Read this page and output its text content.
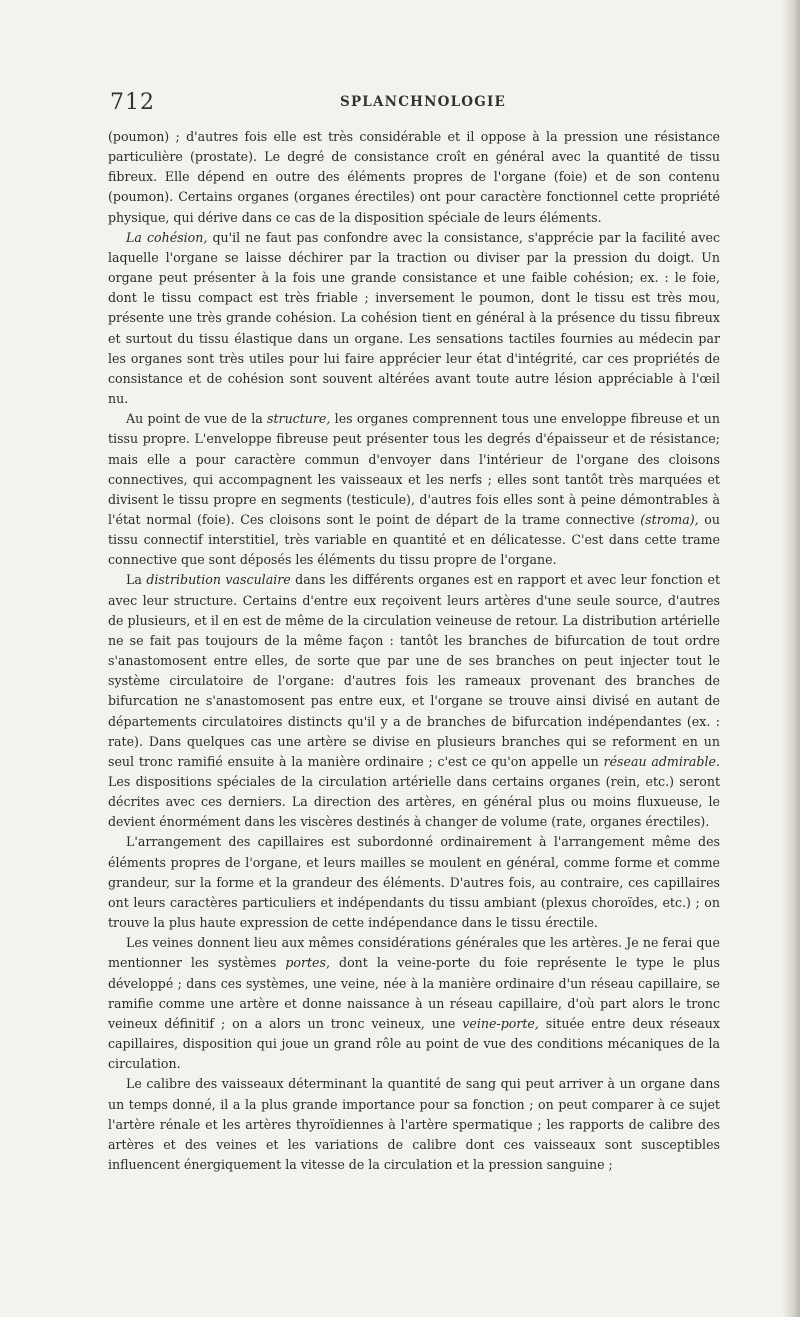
712	SPLANCHNOLOGIE

(poumon) ; d'autres fois elle est très considérable et il oppose à la pression une résistance particulière (prostate). Le degré de consistance croît en général avec la quantité de tissu fibreux. Elle dépend en outre des éléments propres de l'organe (foie) et de son contenu (poumon). Certains organes (organes érectiles) ont pour caractère fonctionnel cette propriété physique, qui dérive dans ce cas de la disposition spéciale de leurs éléments.

La cohésion, qu'il ne faut pas confondre avec la consistance, s'apprécie par la facilité avec laquelle l'organe se laisse déchirer par la traction ou diviser par la pression du doigt. Un organe peut présenter à la fois une grande consistance et une faible cohésion; ex. : le foie, dont le tissu compact est très friable ; inversement le poumon, dont le tissu est très mou, présente une très grande cohésion. La cohésion tient en général à la présence du tissu fibreux et surtout du tissu élastique dans un organe. Les sensations tactiles fournies au médecin par les organes sont très utiles pour lui faire apprécier leur état d'intégrité, car ces propriétés de consistance et de cohésion sont souvent altérées avant toute autre lésion appréciable à l'œil nu.

Au point de vue de la structure, les organes comprennent tous une enveloppe fibreuse et un tissu propre. L'enveloppe fibreuse peut présenter tous les degrés d'épaisseur et de résistance; mais elle a pour caractère commun d'envoyer dans l'intérieur de l'organe des cloisons connectives, qui accompagnent les vaisseaux et les nerfs ; elles sont tantôt très marquées et divisent le tissu propre en segments (testicule), d'autres fois elles sont à peine démontrables à l'état normal (foie). Ces cloisons sont le point de départ de la trame connective (stroma), ou tissu connectif interstitiel, très variable en quantité et en délicatesse. C'est dans cette trame connective que sont déposés les éléments du tissu propre de l'organe.

La distribution vasculaire dans les différents organes est en rapport et avec leur fonction et avec leur structure. Certains d'entre eux reçoivent leurs artères d'une seule source, d'autres de plusieurs, et il en est de même de la circulation veineuse de retour. La distribution artérielle ne se fait pas toujours de la même façon : tantôt les branches de bifurcation de tout ordre s'anastomosent entre elles, de sorte que par une de ses branches on peut injecter tout le système circulatoire de l'organe: d'autres fois les rameaux provenant des branches de bifurcation ne s'anastomosent pas entre eux, et l'organe se trouve ainsi divisé en autant de départements circulatoires distincts qu'il y a de branches de bifurcation indépendantes (ex. : rate). Dans quelques cas une artère se divise en plusieurs branches qui se reforment en un seul tronc ramifié ensuite à la manière ordinaire ; c'est ce qu'on appelle un réseau admirable. Les dispositions spéciales de la circulation artérielle dans certains organes (rein, etc.) seront décrites avec ces derniers. La direction des artères, en général plus ou moins fluxueuse, le devient énormément dans les viscères destinés à changer de volume (rate, organes érectiles).

L'arrangement des capillaires est subordonné ordinairement à l'arrangement même des éléments propres de l'organe, et leurs mailles se moulent en général, comme forme et comme grandeur, sur la forme et la grandeur des éléments. D'autres fois, au contraire, ces capillaires ont leurs caractères particuliers et indépendants du tissu ambiant (plexus choroïdes, etc.) ; on trouve la plus haute expression de cette indépendance dans le tissu érectile.

Les veines donnent lieu aux mêmes considérations générales que les artères. Je ne ferai que mentionner les systèmes portes, dont la veine-porte du foie représente le type le plus développé ; dans ces systèmes, une veine, née à la manière ordinaire d'un réseau capillaire, se ramifie comme une artère et donne naissance à un réseau capillaire, d'où part alors le tronc veineux définitif ; on a alors un tronc veineux, une veine-porte, située entre deux réseaux capillaires, disposition qui joue un grand rôle au point de vue des conditions mécaniques de la circulation.

Le calibre des vaisseaux déterminant la quantité de sang qui peut arriver à un organe dans un temps donné, il a la plus grande importance pour sa fonction ; on peut comparer à ce sujet l'artère rénale et les artères thyroïdiennes à l'artère spermatique ; les rapports de calibre des artères et des veines et les variations de calibre dont ces vaisseaux sont susceptibles influencent énergiquement la vitesse de la circulation et la pression sanguine ;
